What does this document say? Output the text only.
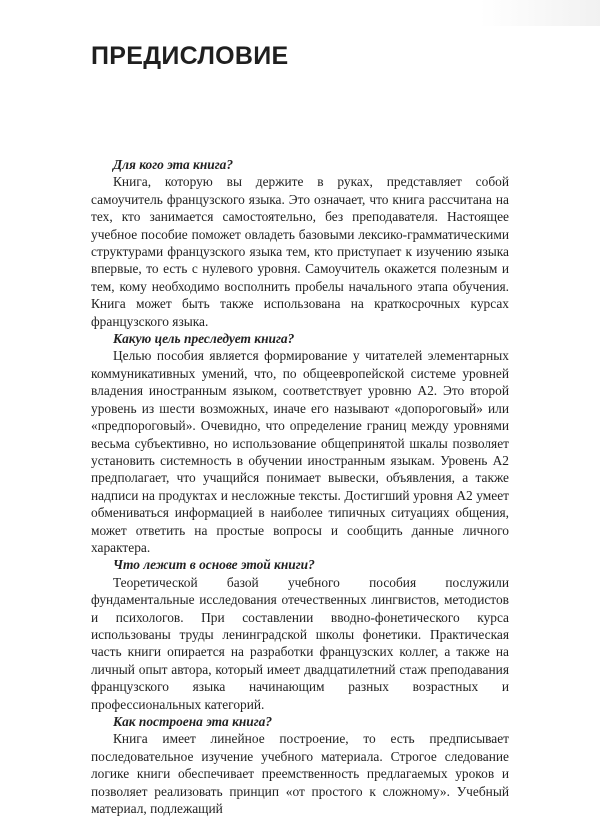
ПРЕДИСЛОВИЕ
Для кого эта книга?

Книга, которую вы держите в руках, представляет собой самоучитель французского языка. Это означает, что книга рассчитана на тех, кто занимается самостоятельно, без преподавателя. Настоящее учебное пособие поможет овладеть базовыми лексико-грамматическими структурами французского языка тем, кто приступает к изучению языка впервые, то есть с нулевого уровня. Самоучитель окажется полезным и тем, кому необходимо восполнить пробелы начального этапа обучения. Книга может быть также использована на краткосрочных курсах французского языка.

Какую цель преследует книга?

Целью пособия является формирование у читателей элементарных коммуникативных умений, что, по общеевропейской системе уровней владения иностранным языком, соответствует уровню А2. Это второй уровень из шести возможных, иначе его называют «допороговый» или «предпороговый». Очевидно, что определение границ между уровнями весьма субъективно, но использование общепринятой шкалы позволяет установить системность в обучении иностранным языкам. Уровень А2 предполагает, что учащийся понимает вывески, объявления, а также надписи на продуктах и несложные тексты. Достигший уровня А2 умеет обмениваться информацией в наиболее типичных ситуациях общения, может ответить на простые вопросы и сообщить данные личного характера.

Что лежит в основе этой книги?

Теоретической базой учебного пособия послужили фундаментальные исследования отечественных лингвистов, методистов и психологов. При составлении вводно-фонетического курса использованы труды ленинградской школы фонетики. Практическая часть книги опирается на разработки французских коллег, а также на личный опыт автора, который имеет двадцатилетний стаж преподавания французского языка начинающим разных возрастных и профессиональных категорий.

Как построена эта книга?

Книга имеет линейное построение, то есть предписывает последовательное изучение учебного материала. Строгое следование логике книги обеспечивает преемственность предлагаемых уроков и позволяет реализовать принцип «от простого к сложному». Учебный материал, подлежащий
